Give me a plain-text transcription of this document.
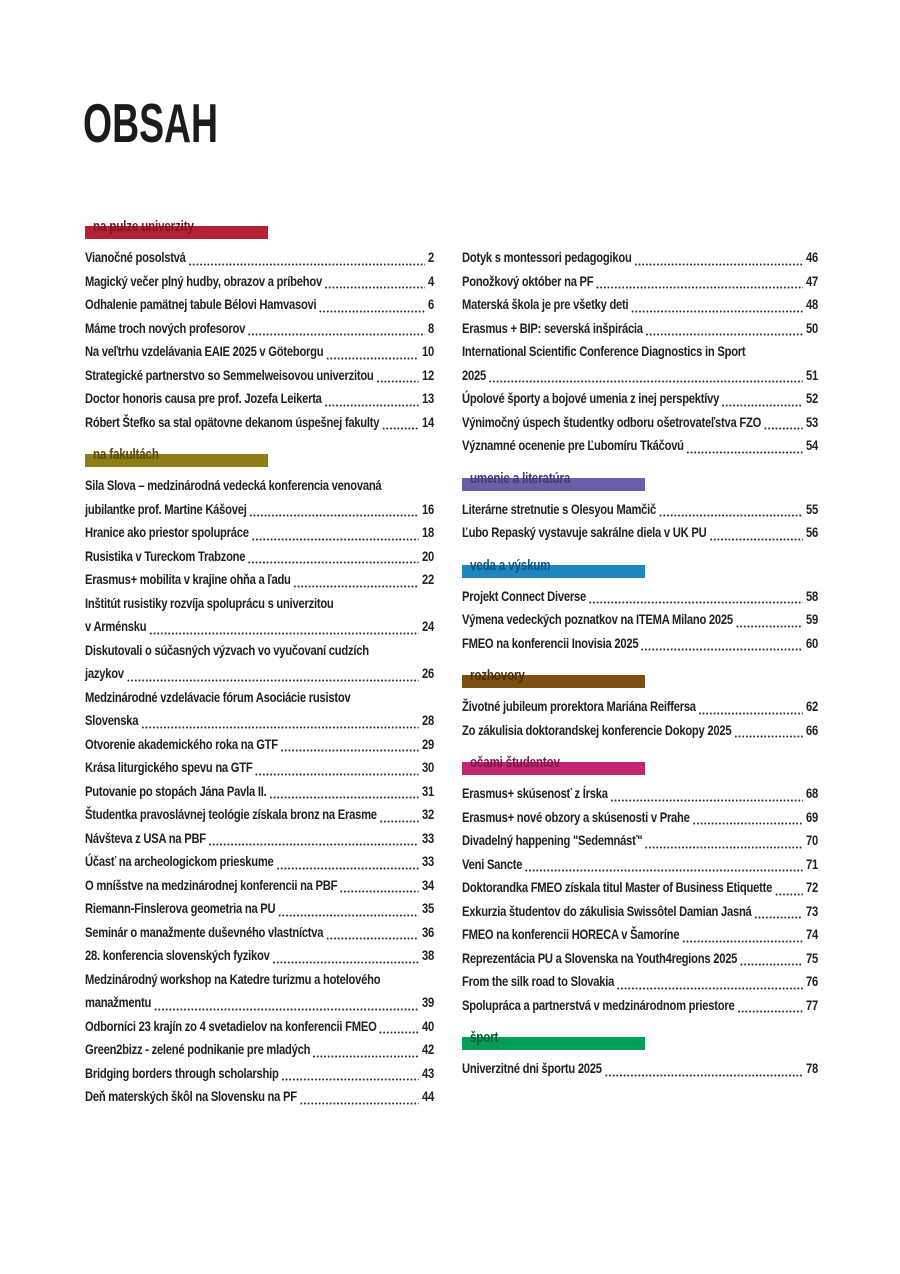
OBSAH
na pulze univerzity
Vianočné posolstvá	2
Magický večer plný hudby, obrazov a príbehov	4
Odhalenie pamätnej tabule Bélovi Hamvasovi	6
Máme troch nových profesorov	8
Na veľtrhu vzdelávania EAIE 2025 v Göteborgu	10
Strategické partnerstvo so Semmelweisovou univerzitou	12
Doctor honoris causa pre prof. Jozefa Leikerta	13
Róbert Štefko sa stal opätovne dekanom úspešnej fakulty	14
na fakultách
Sila Slova – medzinárodná vedecká konferencia venovaná
jubilantke prof. Martine Kášovej	16
Hranice ako priestor spolupráce	18
Rusistika v Tureckom Trabzone	20
Erasmus+ mobilita v krajine ohňa a ľadu	22
Inštitút rusistiky rozvíja spoluprácu s univerzitou
v Arménsku	24
Diskutovali o súčasných výzvach vo vyučovaní cudzích
jazykov	26
Medzinárodné vzdelávacie fórum Asociácie rusistov
Slovenska	28
Otvorenie akademického roka na GTF	29
Krása liturgického spevu na GTF	30
Putovanie po stopách Jána Pavla II.	31
Študentka pravoslávnej teológie získala bronz na Erasme	32
Návšteva z USA na PBF	33
Účasť na archeologickom prieskume	33
O mníšstve na medzinárodnej konferencii na PBF	34
Riemann-Finslerova geometria na PU	35
Seminár o manažmente duševného vlastníctva	36
28. konferencia slovenských fyzikov	38
Medzinárodný workshop na Katedre turizmu a hotelového
manažmentu	39
Odborníci 23 krajín zo 4 svetadielov na konferencii FMEO	40
Green2bizz - zelené podnikanie pre mladých	42
Bridging borders through scholarship	43
Deň materských škôl na Slovensku na PF	44
Dotyk s montessori pedagogikou	46
Ponožkový október na PF	47
Materská škola je pre všetky deti	48
Erasmus + BIP: severská inšpirácia	50
International Scientific Conference Diagnostics in Sport
2025	51
Úpolové športy a bojové umenia z inej perspektívy	52
Výnimočný úspech študentky odboru ošetrovateľstva FZO	53
Významné ocenenie pre Ľubomíru Tkáčovú	54
umenie a literatúra
Literárne stretnutie s Olesyou Mamčič	55
Ľubo Repaský vystavuje sakrálne diela v UK PU	56
veda a výskum
Projekt Connect Diverse	58
Výmena vedeckých poznatkov na ITEMA Milano 2025	59
FMEO na konferencii Inovisia 2025	60
rozhovory
Životné jubileum prorektora Mariána Reiffersa	62
Zo zákulisia doktorandskej konferencie Dokopy 2025	66
očami študentov
Erasmus+ skúsenosť z Írska	68
Erasmus+ nové obzory a skúsenosti v Prahe	69
Divadelný happening "Sedemnásť"	70
Veni Sancte	71
Doktorandka FMEO získala titul Master of Business Etiquette 72
Exkurzia študentov do zákulisia Swissôtel Damian Jasná	73
FMEO na konferencii HORECA v Šamoríne	74
Reprezentácia PU a Slovenska na Youth4regions 2025	75
From the silk road to Slovakia	76
Spolupráca a partnerstvá v medzinárodnom priestore	77
šport
Univerzitné dni športu 2025	78
